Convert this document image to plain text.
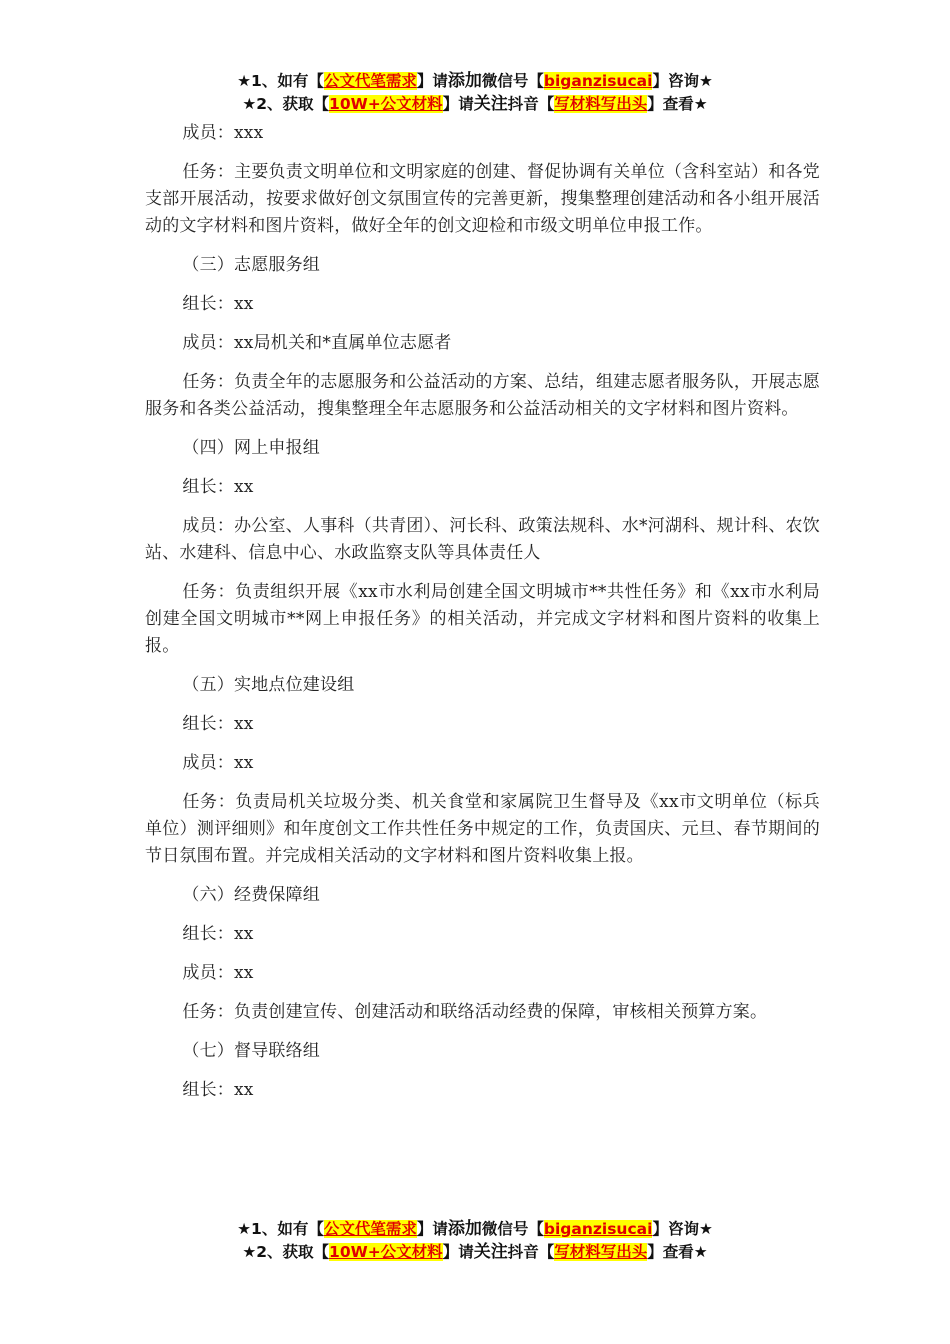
★1、如有【公文代笔需求】请添加微信号【biganzisucai】咨询★
★2、获取【10W+公文材料】请关注抖音【写材料写出头】查看★

成员：xxx

任务：主要负责文明单位和文明家庭的创建、督促协调有关单位（含科室站）和各党支部开展活动，按要求做好创文氛围宣传的完善更新，搜集整理创建活动和各小组开展活动的文字材料和图片资料，做好全年的创文迎检和市级文明单位申报工作。

（三）志愿服务组

组长：xx

成员：xx局机关和*直属单位志愿者

任务：负责全年的志愿服务和公益活动的方案、总结，组建志愿者服务队，开展志愿服务和各类公益活动，搜集整理全年志愿服务和公益活动相关的文字材料和图片资料。

（四）网上申报组

组长：xx

成员：办公室、人事科（共青团）、河长科、政策法规科、水*河湖科、规计科、农饮站、水建科、信息中心、水政监察支队等具体责任人

任务：负责组织开展《xx市水利局创建全国文明城市**共性任务》和《xx市水利局创建全国文明城市**网上申报任务》的相关活动，并完成文字材料和图片资料的收集上报。

（五）实地点位建设组

组长：xx

成员：xx

任务：负责局机关垃圾分类、机关食堂和家属院卫生督导及《xx市文明单位（标兵单位）测评细则》和年度创文工作共性任务中规定的工作，负责国庆、元旦、春节期间的节日氛围布置。并完成相关活动的文字材料和图片资料收集上报。

（六）经费保障组

组长：xx

成员：xx

任务：负责创建宣传、创建活动和联络活动经费的保障，审核相关预算方案。

（七）督导联络组

组长：xx

★1、如有【公文代笔需求】请添加微信号【biganzisucai】咨询★
★2、获取【10W+公文材料】请关注抖音【写材料写出头】查看★
